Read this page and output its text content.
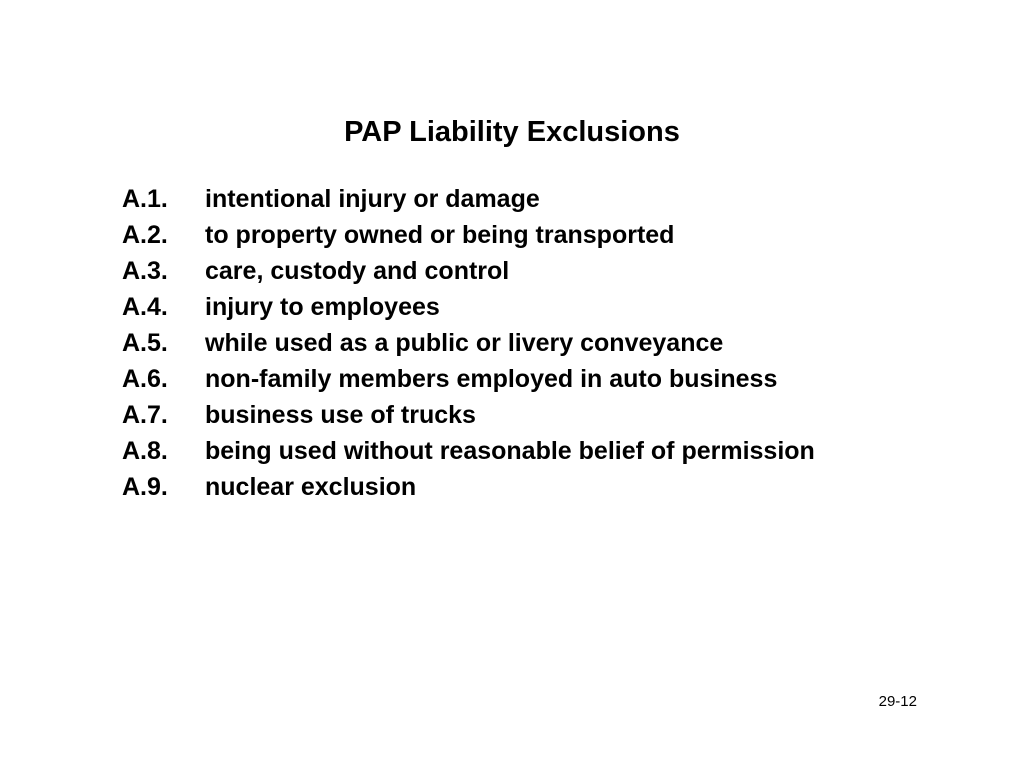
PAP Liability Exclusions
A.1.	intentional injury or damage
A.2.	to property owned or being transported
A.3.	care, custody and control
A.4.	injury to employees
A.5.	while used as a public or livery conveyance
A.6.	non-family members employed in auto business
A.7.	business use of trucks
A.8.	being used without reasonable belief of permission
A.9.	nuclear exclusion
29-12
